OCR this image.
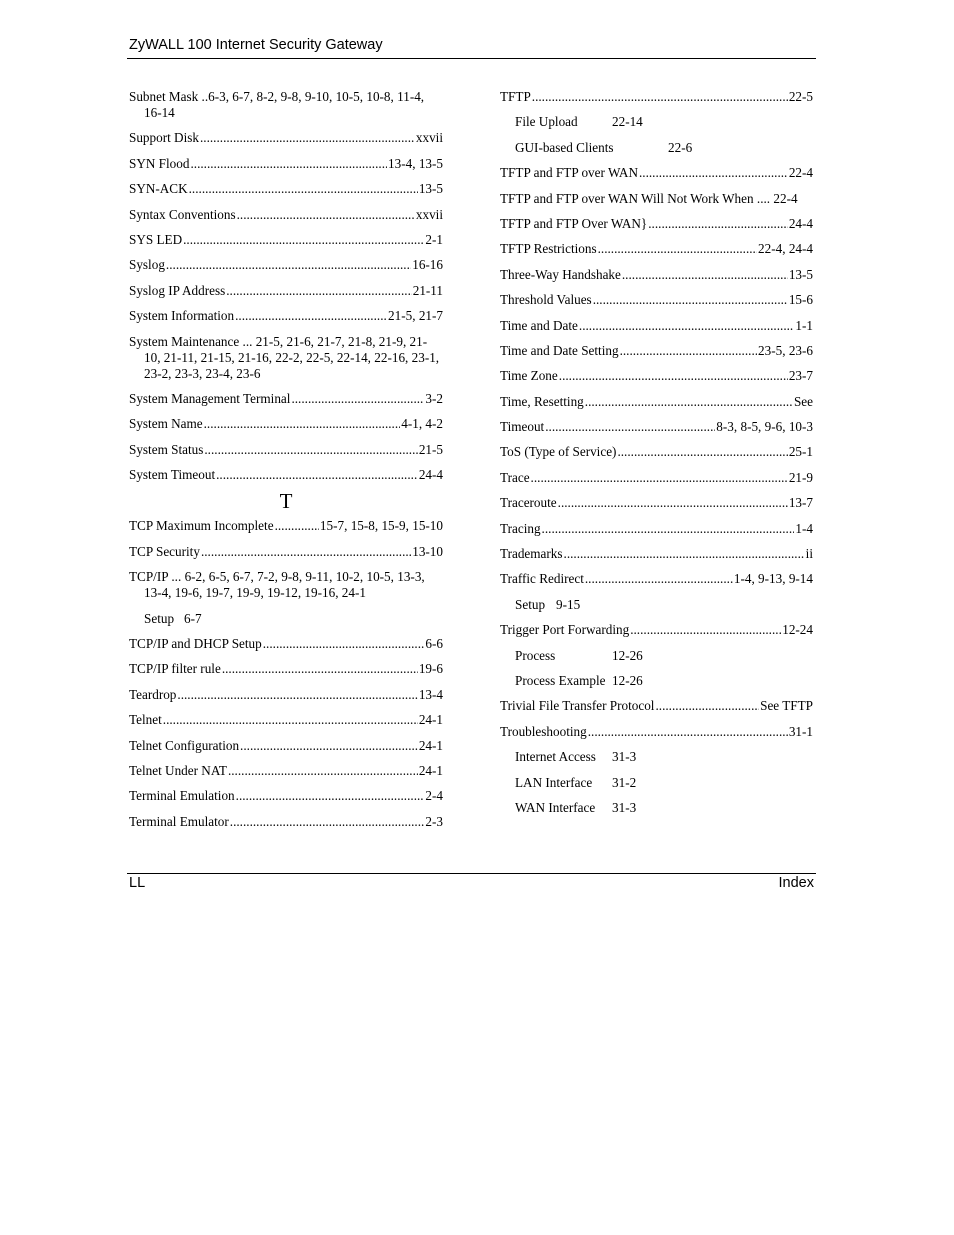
ZyWALL 100 Internet Security Gateway
Subnet Mask ..6-3, 6-7, 8-2, 9-8, 9-10, 10-5, 10-8, 11-4, 16-14
Support Disk .....	xxvii
SYN Flood .....	13-4, 13-5
SYN-ACK .....	13-5
Syntax Conventions .....	xxvii
SYS LED .....	2-1
Syslog .....	16-16
Syslog IP Address .....	21-11
System Information .....	21-5, 21-7
System Maintenance ... 21-5, 21-6, 21-7, 21-8, 21-9, 21-10, 21-11, 21-15, 21-16, 22-2, 22-5, 22-14, 22-16, 23-1, 23-2, 23-3, 23-4, 23-6
System Management Terminal .....	3-2
System Name .....	4-1, 4-2
System Status .....	21-5
System Timeout .....	24-4
T
TCP Maximum Incomplete .....	15-7, 15-8, 15-9, 15-10
TCP Security .....	13-10
TCP/IP ... 6-2, 6-5, 6-7, 7-2, 9-8, 9-11, 10-2, 10-5, 13-3, 13-4, 19-6, 19-7, 19-9, 19-12, 19-16, 24-1
Setup 6-7
TCP/IP and DHCP Setup .....	6-6
TCP/IP filter rule .....	19-6
Teardrop .....	13-4
Telnet .....	24-1
Telnet Configuration .....	24-1
Telnet Under NAT .....	24-1
Terminal Emulation .....	2-4
Terminal Emulator .....	2-3
TFTP .....	22-5
File Upload	22-14
GUI-based Clients	22-6
TFTP and FTP over WAN .....	22-4
TFTP and FTP over WAN Will Not Work When .... 22-4
TFTP and FTP Over WAN} .....	24-4
TFTP Restrictions .....	22-4, 24-4
Three-Way Handshake .....	13-5
Threshold Values .....	15-6
Time and Date .....	1-1
Time and Date Setting .....	23-5, 23-6
Time Zone .....	23-7
Time, Resetting .....	See
Timeout .....	8-3, 8-5, 9-6, 10-3
ToS (Type of Service) .....	25-1
Trace .....	21-9
Traceroute .....	13-7
Tracing .....	1-4
Trademarks .....	ii
Traffic Redirect .....	1-4, 9-13, 9-14
Setup 9-15
Trigger Port Forwarding .....	12-24
Process	12-26
Process Example 12-26
Trivial File Transfer Protocol .....	See TFTP
Troubleshooting .....	31-1
Internet Access 31-3
LAN Interface 31-2
WAN Interface 31-3
LL	Index
